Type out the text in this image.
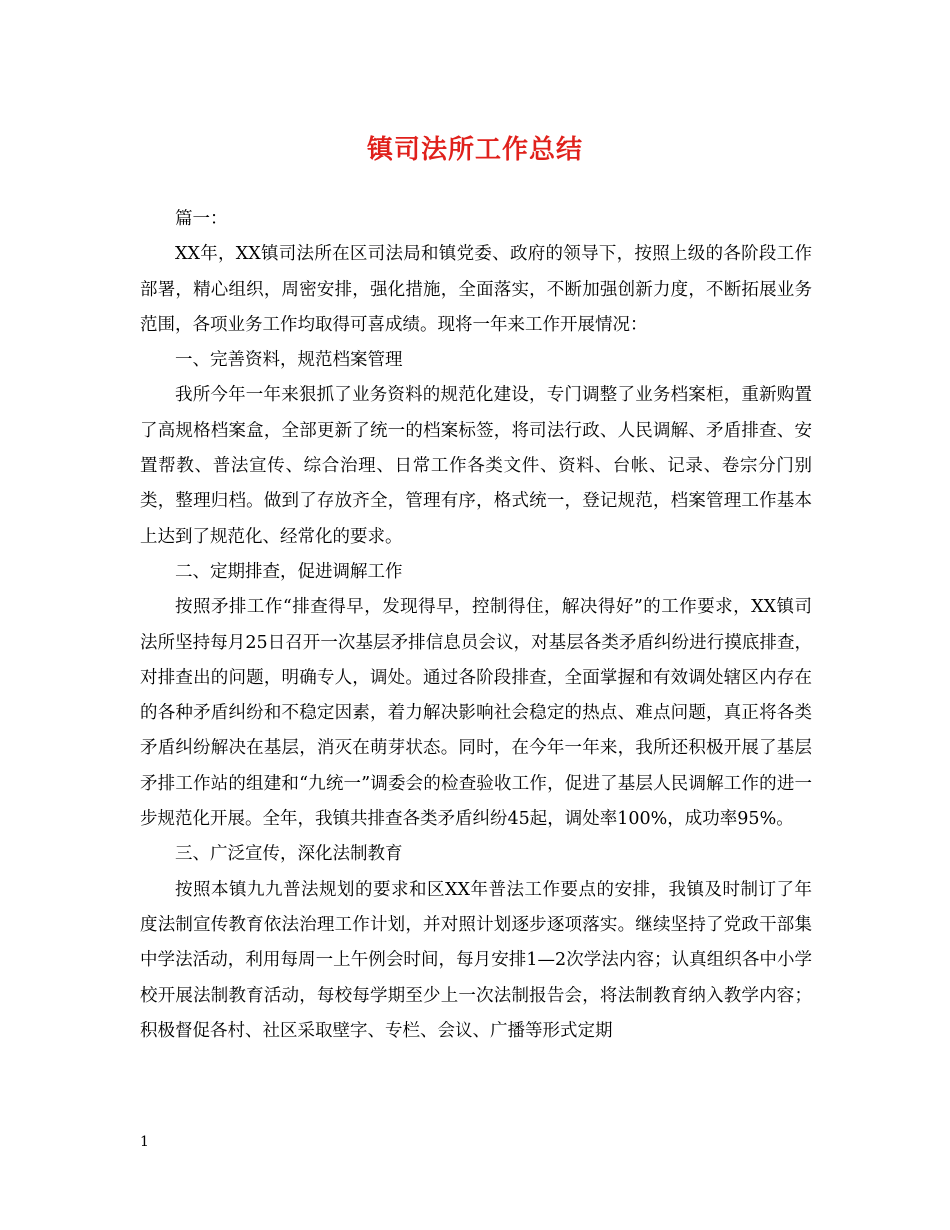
镇司法所工作总结

篇一：

XX年，XX镇司法所在区司法局和镇党委、政府的领导下，按照上级的各阶段工作部署，精心组织，周密安排，强化措施，全面落实，不断加强创新力度，不断拓展业务范围，各项业务工作均取得可喜成绩。现将一年来工作开展情况：

一、完善资料，规范档案管理

我所今年一年来狠抓了业务资料的规范化建设，专门调整了业务档案柜，重新购置了高规格档案盒，全部更新了统一的档案标签，将司法行政、人民调解、矛盾排查、安置帮教、普法宣传、综合治理、日常工作各类文件、资料、台帐、记录、卷宗分门别类，整理归档。做到了存放齐全，管理有序，格式统一，登记规范，档案管理工作基本上达到了规范化、经常化的要求。

二、定期排查，促进调解工作

按照矛排工作“排查得早，发现得早，控制得住，解决得好”的工作要求，XX镇司法所坚持每月25日召开一次基层矛排信息员会议，对基层各类矛盾纠纷进行摸底排查，对排查出的问题，明确专人，调处。通过各阶段排查，全面掌握和有效调处辖区内存在的各种矛盾纠纷和不稳定因素，着力解决影响社会稳定的热点、难点问题，真正将各类矛盾纠纷解决在基层，消灭在萌芽状态。同时，在今年一年来，我所还积极开展了基层矛排工作站的组建和“九统一”调委会的检查验收工作，促进了基层人民调解工作的进一步规范化开展。全年，我镇共排查各类矛盾纠纷45起，调处率100%，成功率95%。

三、广泛宣传，深化法制教育

按照本镇九九普法规划的要求和区XX年普法工作要点的安排，我镇及时制订了年度法制宣传教育依法治理工作计划，并对照计划逐步逐项落实。继续坚持了党政干部集中学法活动，利用每周一上午例会时间，每月安排1—2次学法内容；认真组织各中小学校开展法制教育活动，每校每学期至少上一次法制报告会，将法制教育纳入教学内容；积极督促各村、社区采取壁字、专栏、会议、广播等形式定期

1
